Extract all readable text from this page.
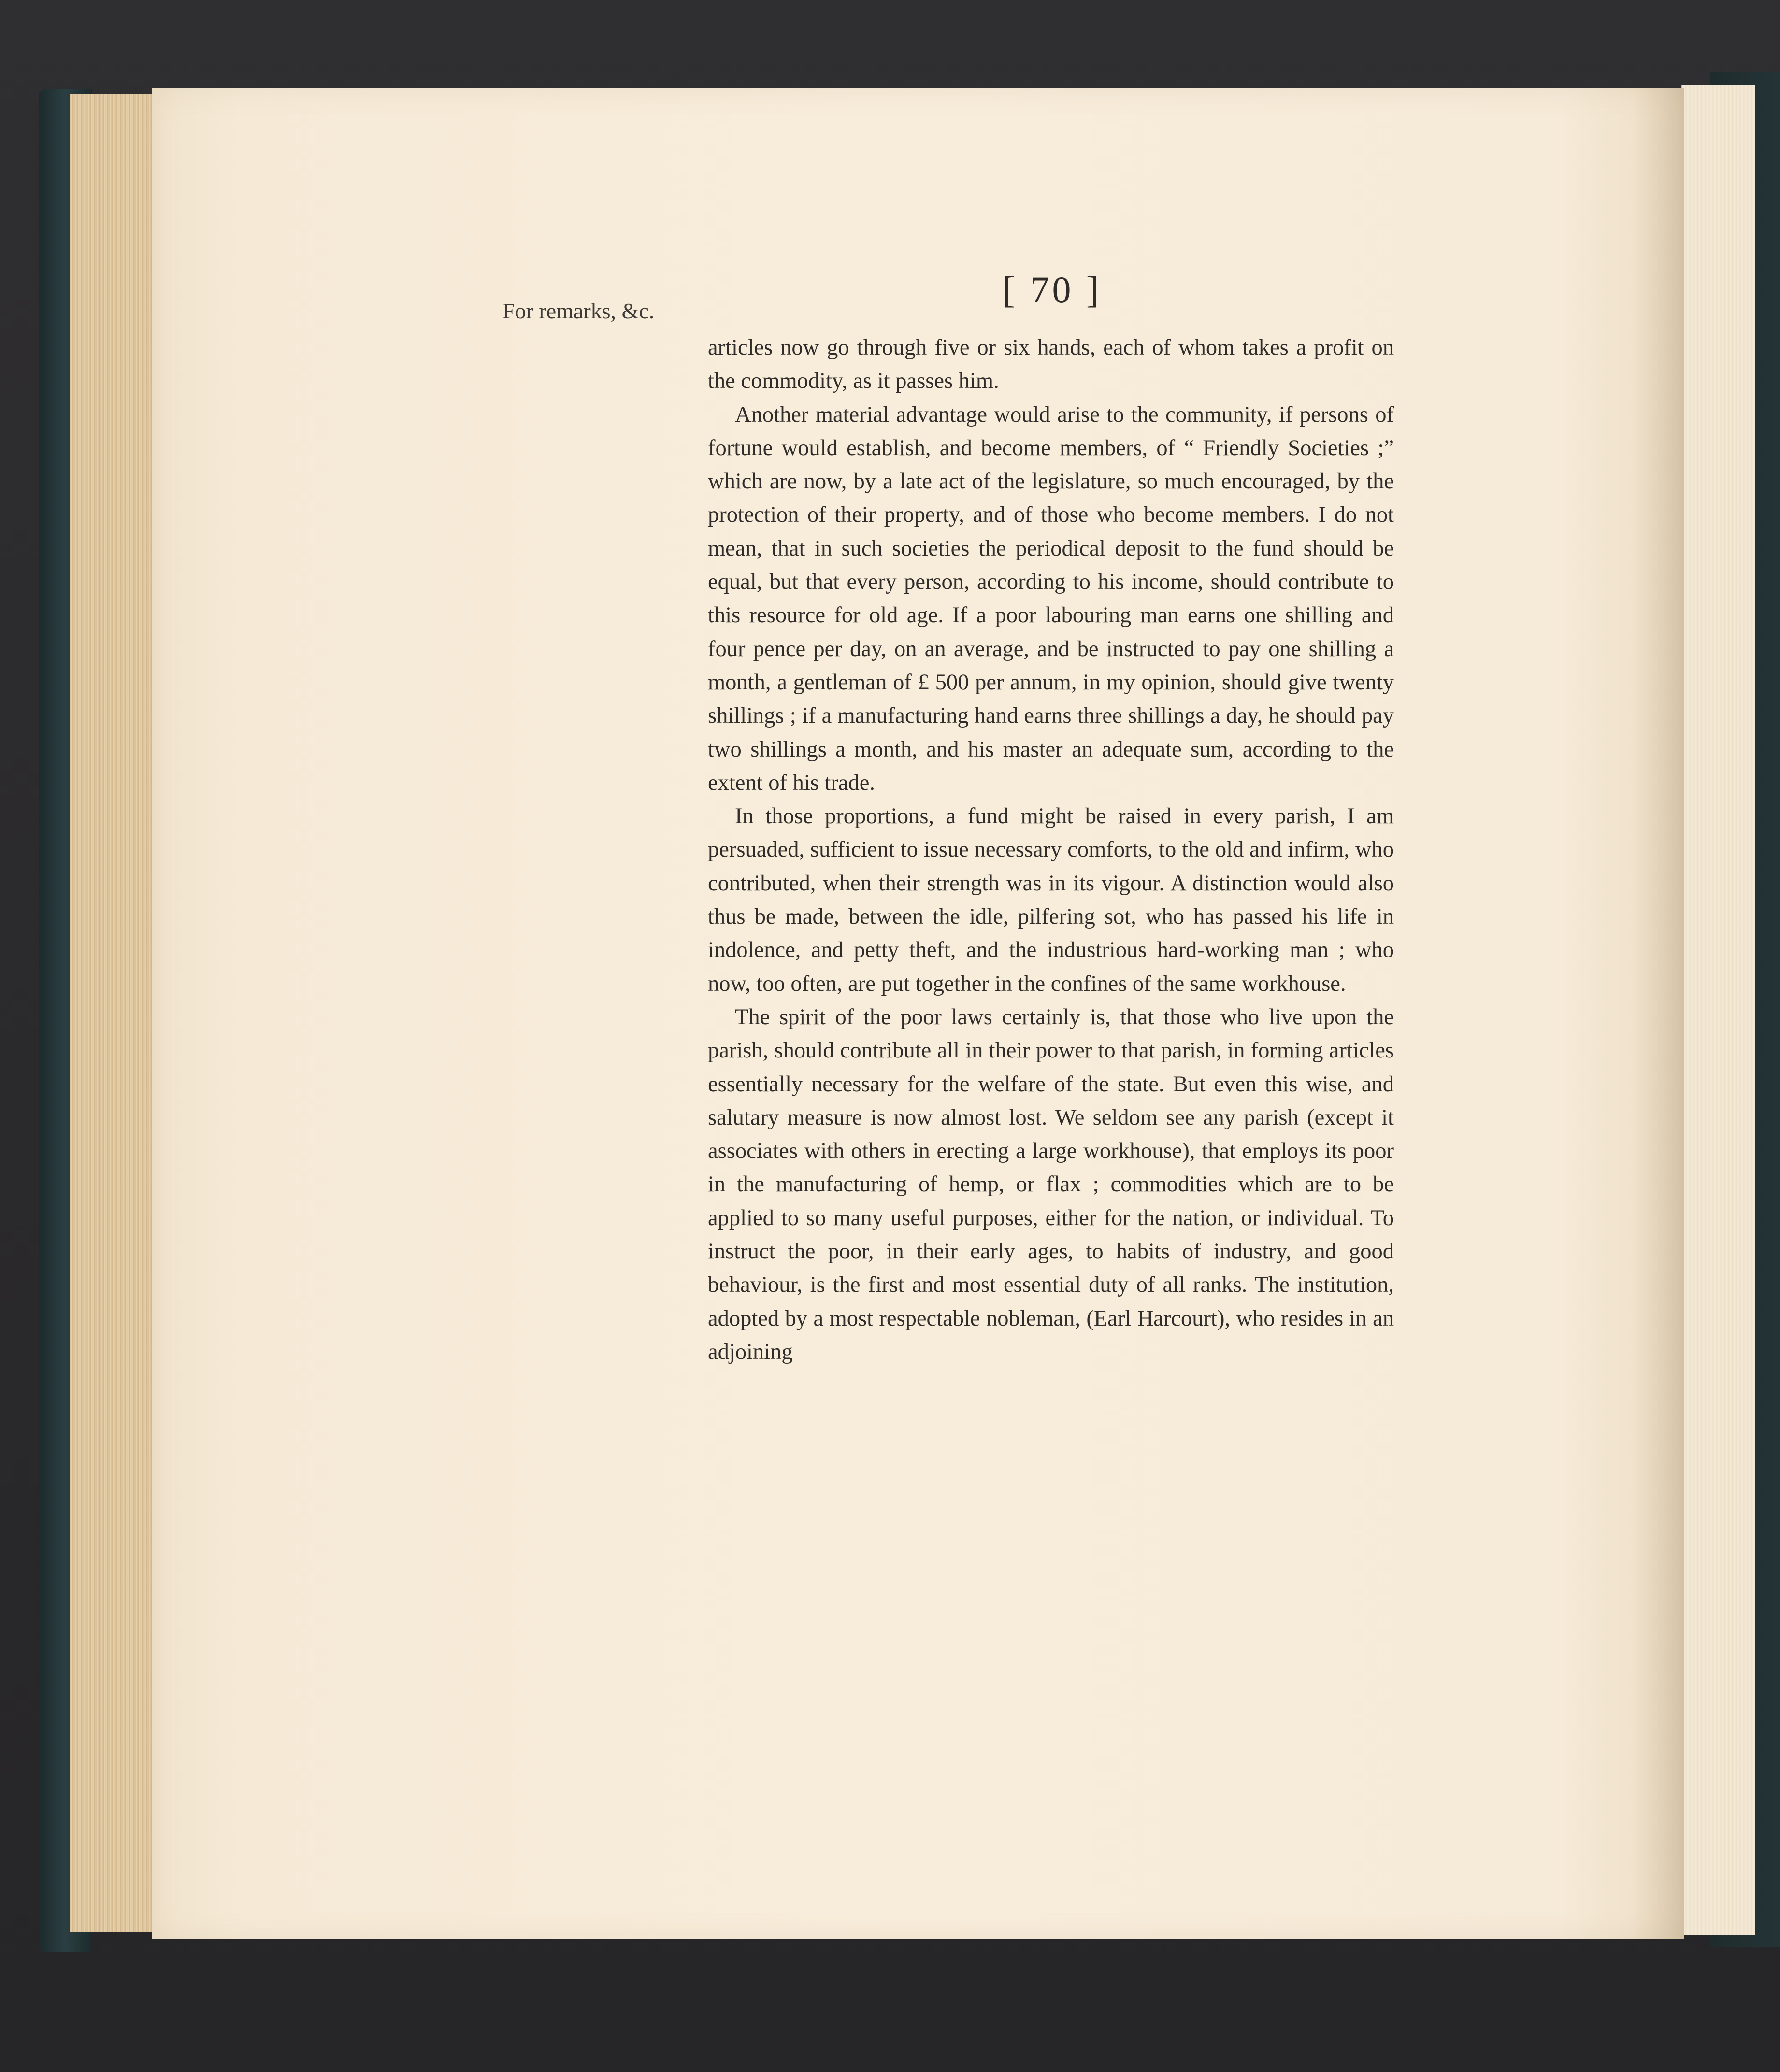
For remarks, &c.
[ 70 ]

articles now go through five or six hands, each of whom takes a profit on the commodity, as it passes him.

Another material advantage would arise to the community, if persons of fortune would establish, and become members, of “ Friendly Societies ;” which are now, by a late act of the legislature, so much encouraged, by the protection of their property, and of those who become members. I do not mean, that in such societies the periodical deposit to the fund should be equal, but that every person, according to his income, should contribute to this resource for old age. If a poor labouring man earns one shilling and four pence per day, on an average, and be instructed to pay one shilling a month, a gentleman of £ 500 per annum, in my opinion, should give twenty shillings ; if a manufacturing hand earns three shillings a day, he should pay two shillings a month, and his master an adequate sum, according to the extent of his trade.

In those proportions, a fund might be raised in every parish, I am persuaded, sufficient to issue necessary comforts, to the old and infirm, who contributed, when their strength was in its vigour. A distinction would also thus be made, between the idle, pilfering sot, who has passed his life in indolence, and petty theft, and the industrious hard-working man ; who now, too often, are put together in the confines of the same workhouse.

The spirit of the poor laws certainly is, that those who live upon the parish, should contribute all in their power to that parish, in forming articles essentially necessary for the welfare of the state. But even this wise, and salutary measure is now almost lost. We seldom see any parish (except it associates with others in erecting a large workhouse), that employs its poor in the manufacturing of hemp, or flax ; commodities which are to be applied to so many useful purposes, either for the nation, or individual. To instruct the poor, in their early ages, to habits of industry, and good behaviour, is the first and most essential duty of all ranks. The institution, adopted by a most respectable nobleman, (Earl Harcourt), who resides in an adjoining
